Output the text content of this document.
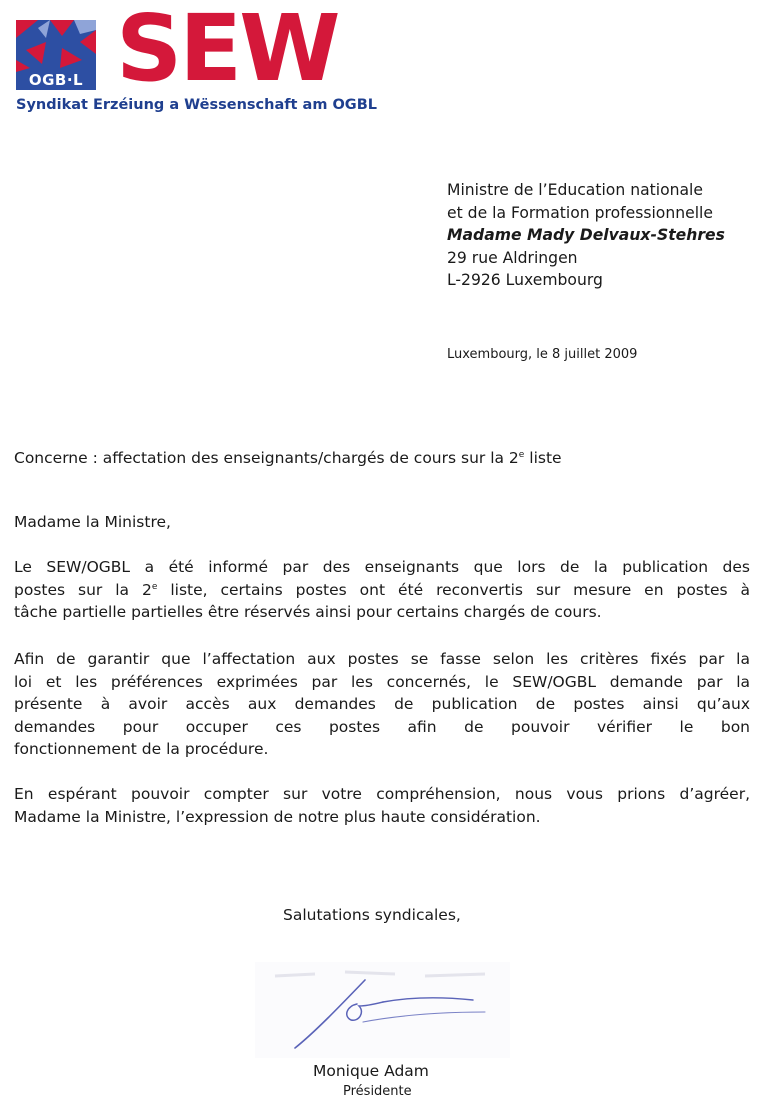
OGB·L SEW
Syndikat Erzéiung a Wëssenschaft am OGBL
Ministre de l’Education nationale
et de la Formation professionnelle
Madame Mady Delvaux-Stehres
29 rue Aldringen
L-2926 Luxembourg
Luxembourg, le 8 juillet 2009
Concerne : affectation des enseignants/chargés de cours sur la 2e liste
Madame la Ministre,
Le SEW/OGBL a été informé par des enseignants que lors de la publication des
postes sur la 2e liste, certains postes ont été reconvertis sur mesure en postes à
tâche partielle partielles être réservés ainsi pour certains chargés de cours.
Afin de garantir que l’affectation aux postes se fasse selon les critères fixés par la
loi et les préférences exprimées par les concernés, le SEW/OGBL demande par la
présente à avoir accès aux demandes de publication de postes ainsi qu’aux
demandes pour occuper ces postes afin de pouvoir vérifier le bon
fonctionnement de la procédure.
En espérant pouvoir compter sur votre compréhension, nous vous prions d’agréer,
Madame la Ministre, l’expression de notre plus haute considération.
Salutations syndicales,
Monique Adam
Présidente
